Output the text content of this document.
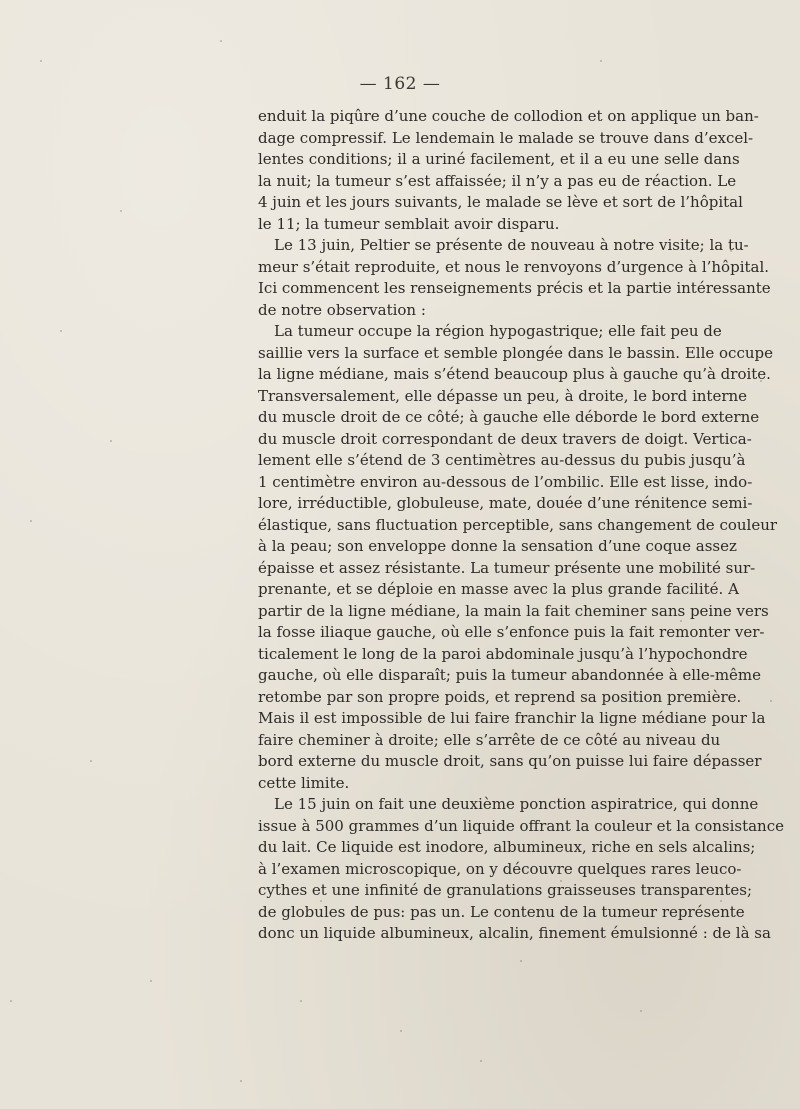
— 162 —
enduit la piqûre d’une couche de collodion et on applique un ban-
dage compressif. Le lendemain le malade se trouve dans d’excel-
lentes conditions; il a uriné facilement, et il a eu une selle dans
la nuit; la tumeur s’est affaissée; il n’y a pas eu de réaction. Le
4 juin et les jours suivants, le malade se lève et sort de l’hôpital
le 11; la tumeur semblait avoir disparu.
Le 13 juin, Peltier se présente de nouveau à notre visite; la tu-
meur s’était reproduite, et nous le renvoyons d’urgence à l’hôpital.
Ici commencent les renseignements précis et la partie intéressante
de notre observation :
La tumeur occupe la région hypogastrique; elle fait peu de
saillie vers la surface et semble plongée dans le bassin. Elle occupe
la ligne médiane, mais s’étend beaucoup plus à gauche qu’à droite.
Transversalement, elle dépasse un peu, à droite, le bord interne
du muscle droit de ce côté; à gauche elle déborde le bord externe
du muscle droit correspondant de deux travers de doigt. Vertica-
lement elle s’étend de 3 centimètres au-dessus du pubis jusqu’à
1 centimètre environ au-dessous de l’ombilic. Elle est lisse, indo-
lore, irréductible, globuleuse, mate, douée d’une rénitence semi-
élastique, sans fluctuation perceptible, sans changement de couleur
à la peau; son enveloppe donne la sensation d’une coque assez
épaisse et assez résistante. La tumeur présente une mobilité sur-
prenante, et se déploie en masse avec la plus grande facilité. A
partir de la ligne médiane, la main la fait cheminer sans peine vers
la fosse iliaque gauche, où elle s’enfonce puis la fait remonter ver-
ticalement le long de la paroi abdominale jusqu’à l’hypochondre
gauche, où elle disparaît; puis la tumeur abandonnée à elle-même
retombe par son propre poids, et reprend sa position première.
Mais il est impossible de lui faire franchir la ligne médiane pour la
faire cheminer à droite; elle s’arrête de ce côté au niveau du
bord externe du muscle droit, sans qu’on puisse lui faire dépasser
cette limite.
Le 15 juin on fait une deuxième ponction aspiratrice, qui donne
issue à 500 grammes d’un liquide offrant la couleur et la consistance
du lait. Ce liquide est inodore, albumineux, riche en sels alcalins;
à l’examen microscopique, on y découvre quelques rares leuco-
cythes et une infinité de granulations graisseuses transparentes;
de globules de pus: pas un. Le contenu de la tumeur représente
donc un liquide albumineux, alcalin, finement émulsionné : de là sa
